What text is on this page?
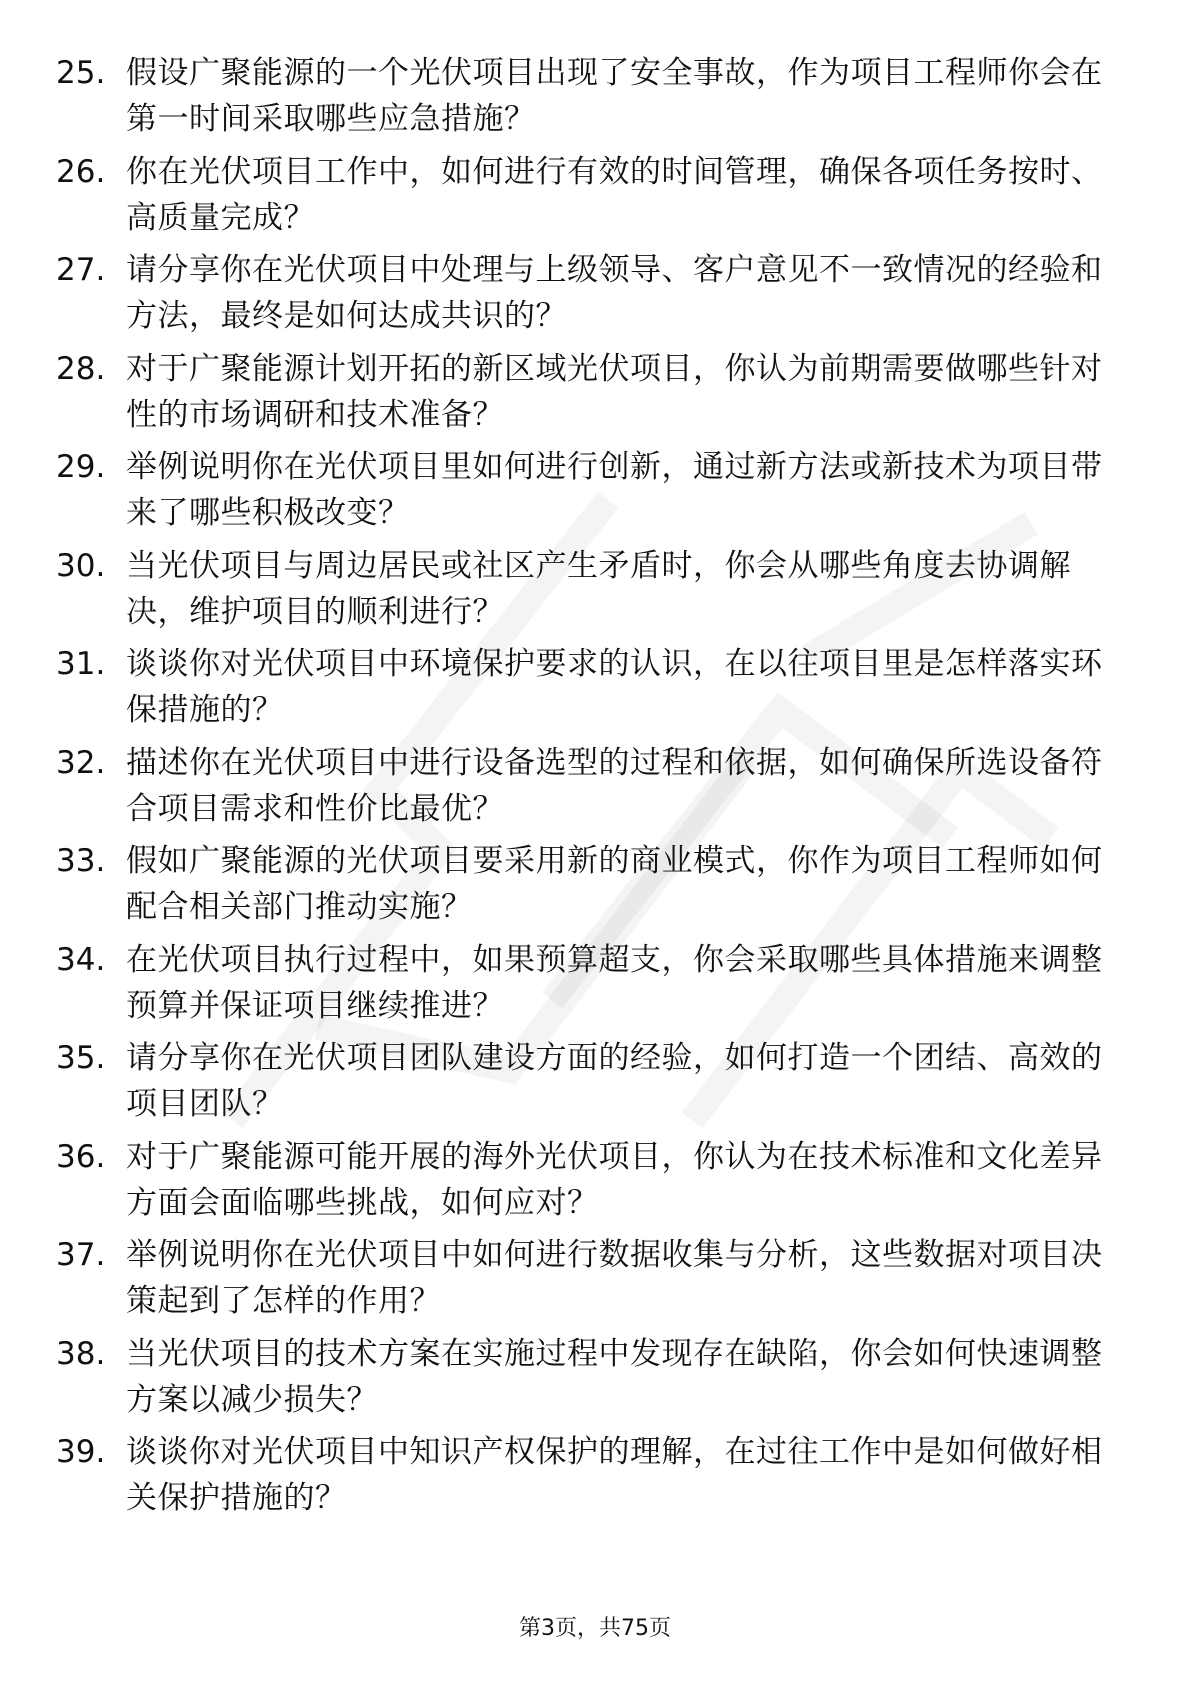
25. 假设广聚能源的一个光伏项目出现了安全事故，作为项目工程师你会在第一时间采取哪些应急措施？
26. 你在光伏项目工作中，如何进行有效的时间管理，确保各项任务按时、高质量完成？
27. 请分享你在光伏项目中处理与上级领导、客户意见不一致情况的经验和方法，最终是如何达成共识的？
28. 对于广聚能源计划开拓的新区域光伏项目，你认为前期需要做哪些针对性的市场调研和技术准备？
29. 举例说明你在光伏项目里如何进行创新，通过新方法或新技术为项目带来了哪些积极改变？
30. 当光伏项目与周边居民或社区产生矛盾时，你会从哪些角度去协调解决，维护项目的顺利进行？
31. 谈谈你对光伏项目中环境保护要求的认识，在以往项目里是怎样落实环保措施的？
32. 描述你在光伏项目中进行设备选型的过程和依据，如何确保所选设备符合项目需求和性价比最优？
33. 假如广聚能源的光伏项目要采用新的商业模式，你作为项目工程师如何配合相关部门推动实施？
34. 在光伏项目执行过程中，如果预算超支，你会采取哪些具体措施来调整预算并保证项目继续推进？
35. 请分享你在光伏项目团队建设方面的经验，如何打造一个团结、高效的项目团队？
36. 对于广聚能源可能开展的海外光伏项目，你认为在技术标准和文化差异方面会面临哪些挑战，如何应对？
37. 举例说明你在光伏项目中如何进行数据收集与分析，这些数据对项目决策起到了怎样的作用？
38. 当光伏项目的技术方案在实施过程中发现存在缺陷，你会如何快速调整方案以减少损失？
39. 谈谈你对光伏项目中知识产权保护的理解，在过往工作中是如何做好相关保护措施的？
第3页，共75页
